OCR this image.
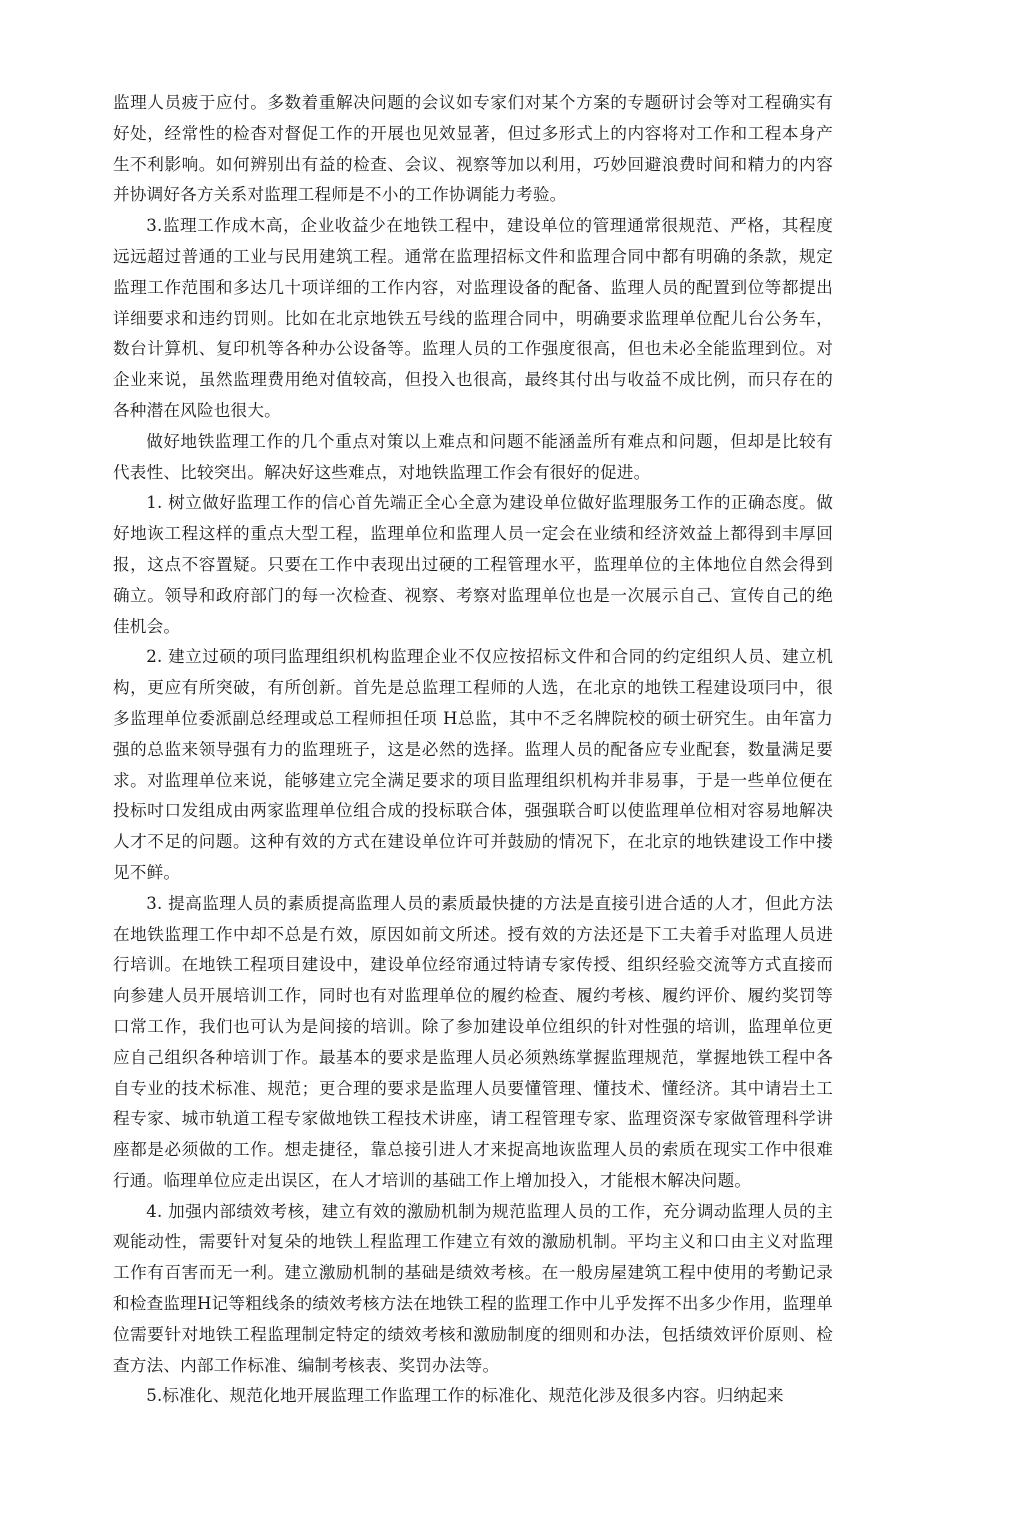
监理人员疲于应付。多数着重解决问题的会议如专家们对某个方案的专题研讨会等对工程确实有好处，经常性的检杳对督促工作的开展也见效显著，但过多形式上的内容将对工作和工程本身产生不利影响。如何辨别出有益的检查、会议、视察等加以利用，巧妙回避浪费时间和精力的内容并协调好各方关系对监理工程师是不小的工作协调能力考验。

3.监理工作成木高，企业收益少在地铁工程中，建设单位的管理通常很规范、严格，其程度远远超过普通的工业与民用建筑工程。通常在监理招标文件和监理合同中都有明确的条款，规定监理工作范围和多达几十项详细的工作内容，对监理设备的配备、监理人员的配置到位等都提出详细要求和违约罚则。比如在北京地铁五号线的监理合同中，明确要求监理单位配儿台公务车，数台计算机、复印机等各种办公设备等。监理人员的工作强度很高，但也未必全能监理到位。对企业来说，虽然监理费用绝对值较高，但投入也很高，最终其付出与收益不成比例，而只存在的各种潜在风险也很大。

做好地铁监理工作的几个重点对策以上难点和问题不能涵盖所有难点和问题，但却是比较有代表性、比较突出。解决好这些难点，对地铁监理工作会有很好的促进。

1. 树立做好监理工作的信心首先端正全心全意为建设单位做好监理服务工作的正确态度。做好地诙工程这样的重点大型工程，监理单位和监理人员一定会在业绩和经济效益上都得到丰厚回报，这点不容置疑。只要在工作中表现出过硬的工程管理水平，监理单位的主体地位自然会得到确立。领导和政府部门的每一次检查、视察、考察对监理单位也是一次展示自己、宣传自己的绝佳机会。

2. 建立过硕的项冃监理组织机构监理企业不仅应按招标文件和合同的约定组织人员、建立机构，更应有所突破，有所创新。首先是总监理工程师的人选，在北京的地铁工程建设项冃中，很多监理单位委派副总经理或总工程师担任项 H总监，其中不乏名牌院校的硕士研究生。由年富力强的总监来领导强有力的监理班子，这是必然的选择。监理人员的配备应专业配套，数量满足要求。对监理单位来说，能够建立完全满足要求的项目监理组织机构并非易事，于是一些单位便在投标吋口发组成由两家监理单位组合成的投标联合体，强强联合町以使监理单位相对容易地解决人才不足的问题。这种有效的方式在建设单位许可并鼓励的情况下，在北京的地铁建设工作中搂见不鲜。

3. 提高监理人员的素质提高监理人员的素质最快捷的方法是直接引进合适的人才，但此方法在地铁监理工作中却不总是冇效，原因如前文所述。授有效的方法还是下工夫着手对监理人员进行培训。在地铁工程项目建设中，建设单位经帘通过特请专家传授、组织经验交流等方式直接而向参建人员开展培训工作，同时也有对监理单位的履约检查、履约考核、履约评价、履约奖罚等口常工作，我们也可认为是间接的培训。除了参加建设单位组织的针对性强的培训，监理单位更应自己组织各种培训丁作。最基本的要求是监理人员必须熟练掌握监理规范，掌握地铁工程中各自专业的技术标准、规范；更合理的要求是监理人员要懂管理、懂技术、懂经济。其中请岩土工程专家、城市轨道工程专家做地铁工程技术讲座，请工程管理专家、监理资深专家做管理科学讲座都是必须做的工作。想走捷径，靠总接引进人才来捉高地诙监理人员的索质在现实工作中很难行通。临理单位应走出误区，在人才培训的基础工作上增加投入，才能根木解决问题。

4. 加强内部绩效考核，建立有效的激励机制为规范监理人员的工作，充分调动监理人员的主观能动性，需要针对复朵的地铁丄程监理工作建立有效的激励机制。平均主义和口由主义对监理工作有百害而无一利。建立激励机制的基础是绩效考核。在一般房屋建筑工程中使用的考勤记录和检查监理H记等粗线条的绩效考核方法在地铁工程的监理工作中儿乎发挥不出多少作用，监理单位需要针对地铁工程监理制定特定的绩效考核和激励制度的细则和办法，包括绩效评价原则、检查方法、内部工作标准、编制考核表、奖罚办法等。

5.标准化、规范化地开展监理工作监理工作的标准化、规范化涉及很多内容。归纳起来
